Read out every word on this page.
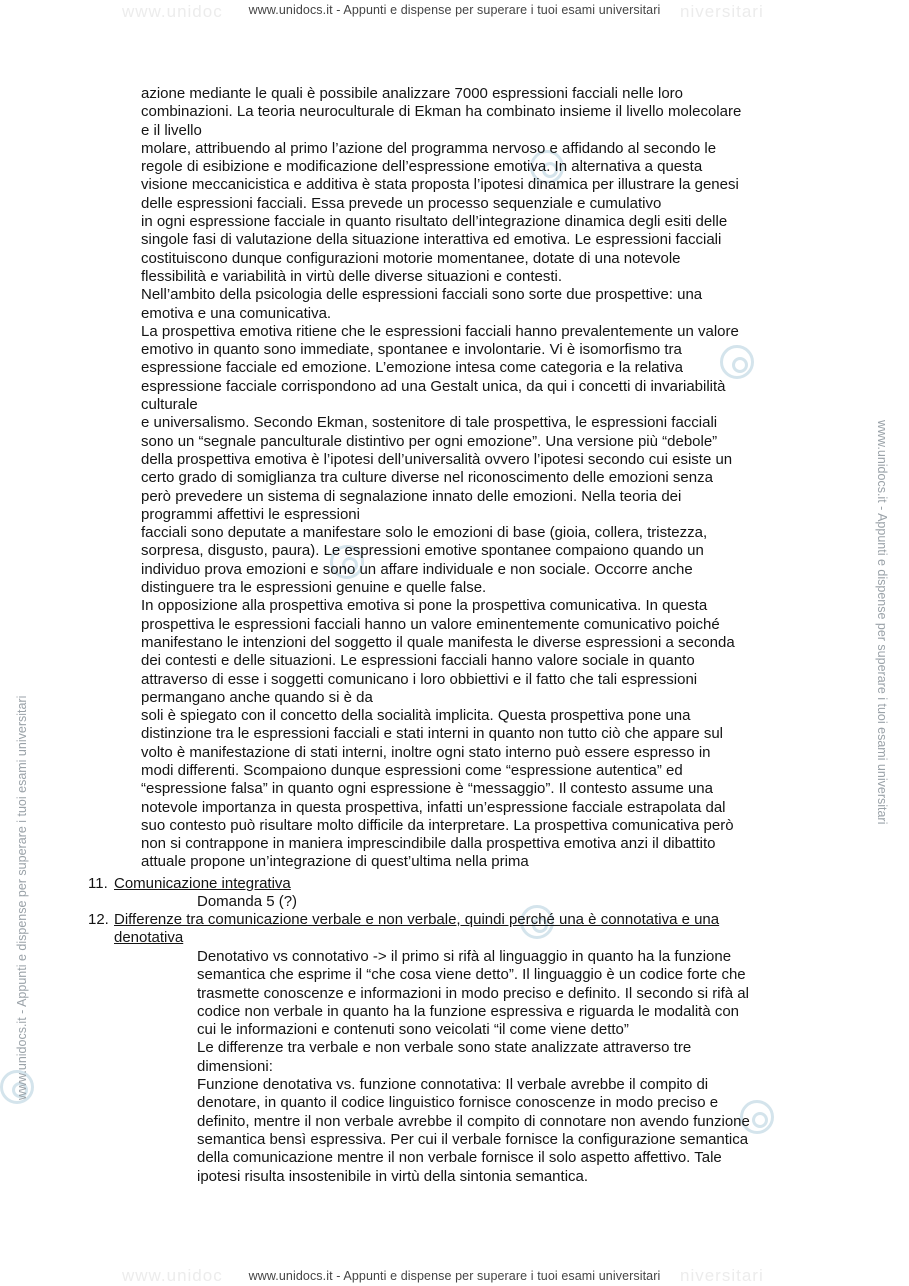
www.unidoc	niversitari
www.unidoc	niversitari
www.unidocs.it - Appunti e dispense per superare i tuoi esami universitari
www.unidocs.it - Appunti e dispense per superare i tuoi esami universitari
www.unidocs.it - Appunti e dispense per superare i tuoi esami universitari
www.unidocs.it - Appunti e dispense per superare i tuoi esami universitari
azione mediante le quali è possibile analizzare 7000 espressioni facciali nelle loro
combinazioni. La teoria neuroculturale di Ekman ha combinato insieme il livello molecolare
e il livello
molare, attribuendo al primo l’azione del programma nervoso e affidando al secondo le
regole di esibizione e modificazione dell’espressione emotiva. In alternativa a questa
visione meccanicistica e additiva è stata proposta l’ipotesi dinamica per illustrare la genesi
delle espressioni facciali. Essa prevede un processo sequenziale e cumulativo
in ogni espressione facciale in quanto risultato dell’integrazione dinamica degli esiti delle
singole fasi di valutazione della situazione interattiva ed emotiva. Le espressioni facciali
costituiscono dunque configurazioni motorie momentanee, dotate di una notevole
flessibilità e variabilità in virtù delle diverse situazioni e contesti.
Nell’ambito della psicologia delle espressioni facciali sono sorte due prospettive: una
emotiva e una comunicativa.
La prospettiva emotiva ritiene che le espressioni facciali hanno prevalentemente un valore
emotivo in quanto sono immediate, spontanee e involontarie. Vi è isomorfismo tra
espressione facciale ed emozione. L’emozione intesa come categoria e la relativa
espressione facciale corrispondono ad una Gestalt unica, da qui i concetti di invariabilità
culturale
e universalismo. Secondo Ekman, sostenitore di tale prospettiva, le espressioni facciali
sono un “segnale panculturale distintivo per ogni emozione”. Una versione più “debole”
della prospettiva emotiva è l’ipotesi dell’universalità ovvero l’ipotesi secondo cui esiste un
certo grado di somiglianza tra culture diverse nel riconoscimento delle emozioni senza
però prevedere un sistema di segnalazione innato delle emozioni. Nella teoria dei
programmi affettivi le espressioni
facciali sono deputate a manifestare solo le emozioni di base (gioia, collera, tristezza,
sorpresa, disgusto, paura). Le espressioni emotive spontanee compaiono quando un
individuo prova emozioni e sono un affare individuale e non sociale. Occorre anche
distinguere tra le espressioni genuine e quelle false.
In opposizione alla prospettiva emotiva si pone la prospettiva comunicativa. In questa
prospettiva le espressioni facciali hanno un valore eminentemente comunicativo poiché
manifestano le intenzioni del soggetto il quale manifesta le diverse espressioni a seconda
dei contesti e delle situazioni. Le espressioni facciali hanno valore sociale in quanto
attraverso di esse i soggetti comunicano i loro obbiettivi e il fatto che tali espressioni
permangano anche quando si è da
soli è spiegato con il concetto della socialità implicita. Questa prospettiva pone una
distinzione tra le espressioni facciali e stati interni in quanto non tutto ciò che appare sul
volto è manifestazione di stati interni, inoltre ogni stato interno può essere espresso in
modi differenti. Scompaiono dunque espressioni come “espressione autentica” ed
“espressione falsa” in quanto ogni espressione è “messaggio”. Il contesto assume una
notevole importanza in questa prospettiva, infatti un’espressione facciale estrapolata dal
suo contesto può risultare molto difficile da interpretare. La prospettiva comunicativa però
non si contrappone in maniera imprescindibile dalla prospettiva emotiva anzi il dibattito
attuale propone un’integrazione di quest’ultima nella prima
11. Comunicazione integrativa
Domanda 5 (?)
12. Differenze tra comunicazione verbale e non verbale, quindi perché una è connotativa e una
denotativa
Denotativo vs connotativo -> il primo si rifà al linguaggio in quanto ha la funzione
semantica che esprime il “che cosa viene detto”. Il linguaggio è un codice forte che
trasmette conoscenze e informazioni in modo preciso e definito. Il secondo si rifà al
codice non verbale in quanto ha la funzione espressiva e riguarda le modalità con
cui le informazioni e contenuti sono veicolati “il come viene detto”
Le differenze tra verbale e non verbale sono state analizzate attraverso tre
dimensioni:
Funzione denotativa vs. funzione connotativa: Il verbale avrebbe il compito di
denotare, in quanto il codice linguistico fornisce conoscenze in modo preciso e
definito, mentre il non verbale avrebbe il compito di connotare non avendo funzione
semantica bensì espressiva. Per cui il verbale fornisce la configurazione semantica
della comunicazione mentre il non verbale fornisce il solo aspetto affettivo. Tale
ipotesi risulta insostenibile in virtù della sintonia semantica.
